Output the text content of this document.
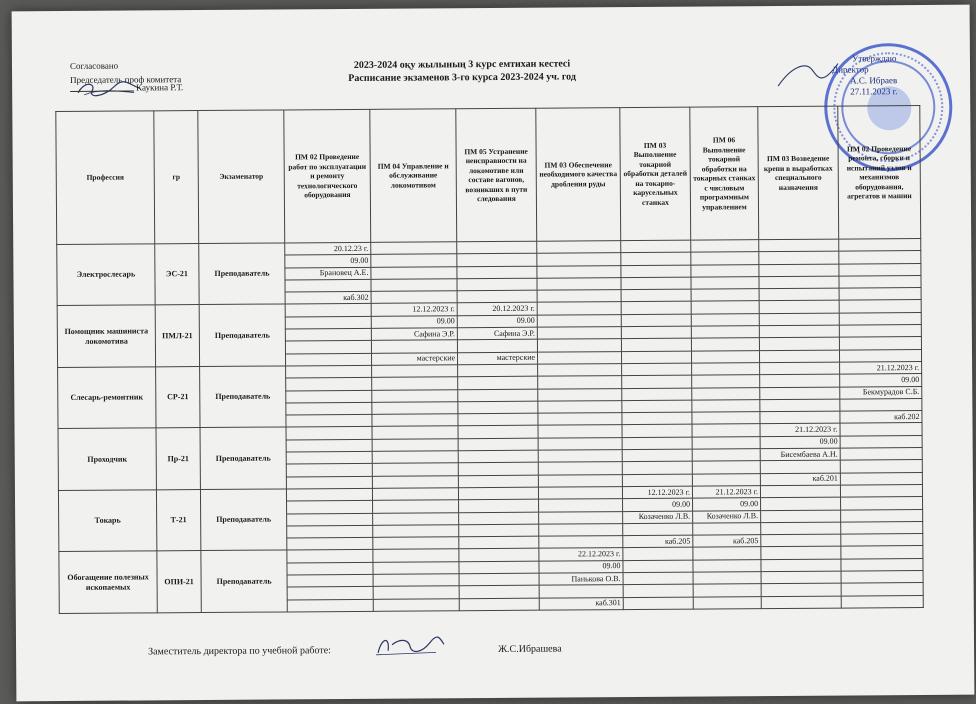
Согласовано
Председатель проф комитета
Каукина Р.Т.
2023-2024 оқу жылының 3 курс емтихан кестесі
Расписание экзаменов 3-го курса 2023-2024 уч. год
Утверждаю
Директор
А.С. Ибраев
27.11.2023 г.
Профессия	гр	Экзаменатор	ПМ 02 Проведение работ по эксплуатации и ремонту технологического оборудования	ПМ 04 Управление и обслуживание локомотивом	ПМ 05 Устранение неисправности на локомотиве или составе вагонов, возникших в пути следования	ПМ 03 Обеспечение необходимого качества дробления руды	ПМ 03 Выполнение токарной обработки деталей на токарно-карусельных станках	ПМ 06 Выполнение токарной обработки на токарных станках с числовым программным управлением	ПМ 03 Возведение крепи в выработках специального назначения	ПМ 02 Проведение ремонта, сборки и испытаний узлов и механизмов оборудования, агрегатов и машин
Электрослесарь	ЭС-21	Преподаватель	20.12.23 г.							
			09.00							
			Брановец А.Е.							

			каб.302							
Помощник машиниста локомотива	ПМЛ-21	Преподаватель		12.12.2023 г.	20.12.2023 г.					
				09.00	09.00					
				Сафина Э.Р.	Сафина Э.Р.					

				мастерские	мастерские					
Слесарь-ремонтник	СР-21	Преподаватель								21.12.2023 г.
										09.00
										Бекмурадов С.Б.

										каб.202
Проходчик	Пр-21	Преподаватель							21.12.2023 г.	
									09.00	
									Бисембаева А.Н.	

									каб.201	
Токарь	Т-21	Преподаватель					12.12.2023 г.	21.12.2023 г.		
							09.00	09.00		
							Козаченко Л.В.	Козаченко Л.В.		

							каб.205	каб.205		
Обогащение полезных ископаемых	ОПИ-21	Преподаватель				22.12.2023 г.				
						09.00				
						Панькова О.В.				

						каб.301				
Заместитель директора по учебной работе:	Ж.С.Ибрашева
